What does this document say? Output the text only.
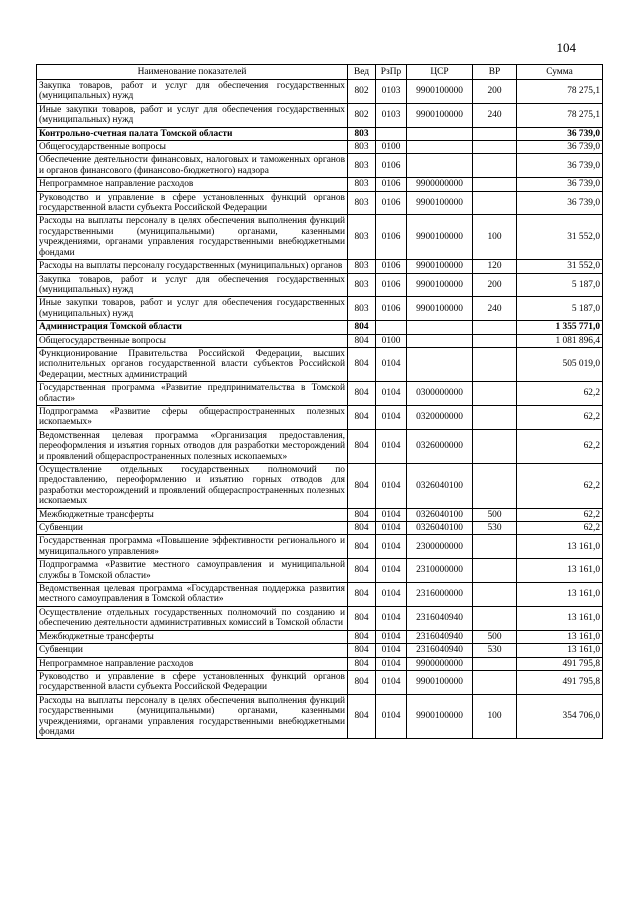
104
Наименование показателей	Вед	РзПр	ЦСР	ВР	Сумма
Закупка товаров, работ и услуг для обеспечения государственных (муниципальных) нужд	802	0103	9900100000	200	78 275,1
Иные закупки товаров, работ и услуг для обеспечения государственных (муниципальных) нужд	802	0103	9900100000	240	78 275,1
Контрольно-счетная палата Томской области	803				36 739,0
Общегосударственные вопросы	803	0100			36 739,0
Обеспечение деятельности финансовых, налоговых и таможенных органов и органов финансового (финансово-бюджетного) надзора	803	0106			36 739,0
Непрограммное направление расходов	803	0106	9900000000		36 739,0
Руководство и управление в сфере установленных функций органов государственной власти субъекта Российской Федерации	803	0106	9900100000		36 739,0
Расходы на выплаты персоналу в целях обеспечения выполнения функций государственными (муниципальными) органами, казенными учреждениями, органами управления государственными внебюджетными фондами	803	0106	9900100000	100	31 552,0
Расходы на выплаты персоналу государственных (муниципальных) органов	803	0106	9900100000	120	31 552,0
Закупка товаров, работ и услуг для обеспечения государственных (муниципальных) нужд	803	0106	9900100000	200	5 187,0
Иные закупки товаров, работ и услуг для обеспечения государственных (муниципальных) нужд	803	0106	9900100000	240	5 187,0
Администрация Томской области	804				1 355 771,0
Общегосударственные вопросы	804	0100			1 081 896,4
Функционирование Правительства Российской Федерации, высших исполнительных органов государственной власти субъектов Российской Федерации, местных администраций	804	0104			505 019,0
Государственная программа «Развитие предпринимательства в Томской области»	804	0104	0300000000		62,2
Подпрограмма «Развитие сферы общераспространенных полезных ископаемых»	804	0104	0320000000		62,2
Ведомственная целевая программа «Организация предоставления, переоформления и изъятия горных отводов для разработки месторождений и проявлений общераспространенных полезных ископаемых»	804	0104	0326000000		62,2
Осуществление отдельных государственных полномочий по предоставлению, переоформлению и изъятию горных отводов для разработки месторождений и проявлений общераспространенных полезных ископаемых	804	0104	0326040100		62,2
Межбюджетные трансферты	804	0104	0326040100	500	62,2
Субвенции	804	0104	0326040100	530	62,2
Государственная программа «Повышение эффективности регионального и муниципального управления»	804	0104	2300000000		13 161,0
Подпрограмма «Развитие местного самоуправления и муниципальной службы в Томской области»	804	0104	2310000000		13 161,0
Ведомственная целевая программа «Государственная поддержка развития местного самоуправления в Томской области»	804	0104	2316000000		13 161,0
Осуществление отдельных государственных полномочий по созданию и обеспечению деятельности административных комиссий в Томской области	804	0104	2316040940		13 161,0
Межбюджетные трансферты	804	0104	2316040940	500	13 161,0
Субвенции	804	0104	2316040940	530	13 161,0
Непрограммное направление расходов	804	0104	9900000000		491 795,8
Руководство и управление в сфере установленных функций органов государственной власти субъекта Российской Федерации	804	0104	9900100000		491 795,8
Расходы на выплаты персоналу в целях обеспечения выполнения функций государственными (муниципальными) органами, казенными учреждениями, органами управления государственными внебюджетными фондами	804	0104	9900100000	100	354 706,0
